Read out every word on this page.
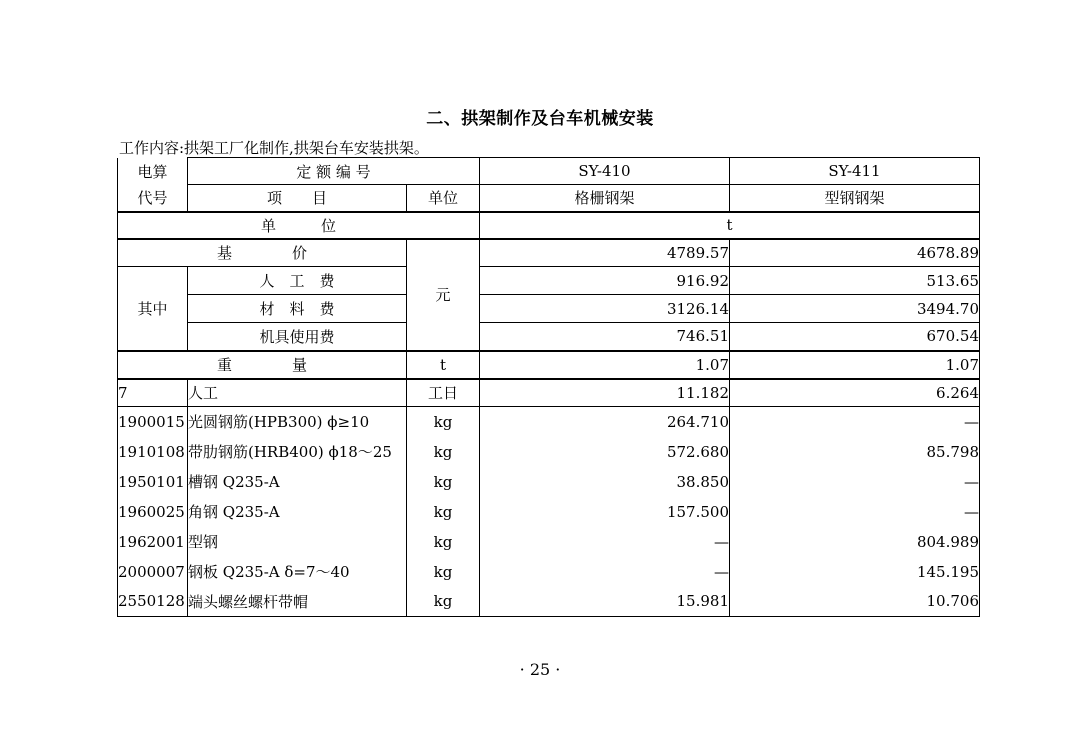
二、拱架制作及台车机械安装
工作内容:拱架工厂化制作,拱架台车安装拱架。
电算	定 额 编 号		SY-410	SY-411
代号	项　　目	单位	格栅钢架	型钢钢架
单　　　位			t	
基　　　　价		元	4789.57	4678.89
其中	人　工　费		916.92	513.65
	材　料　费		3126.14	3494.70
	机具使用费		746.51	670.54
重　　　　量		t	1.07	1.07
7	人工	工日	11.182	6.264
1900015	光圆钢筋(HPB300) ϕ≥10	kg	264.710	—
1910108	带肋钢筋(HRB400) ϕ18～25	kg	572.680	85.798
1950101	槽钢 Q235-A	kg	38.850	—
1960025	角钢 Q235-A	kg	157.500	—
1962001	型钢	kg	—	804.989
2000007	钢板 Q235-A δ=7～40	kg	—	145.195
2550128	端头螺丝螺杆带帽	kg	15.981	10.706
· 25 ·
